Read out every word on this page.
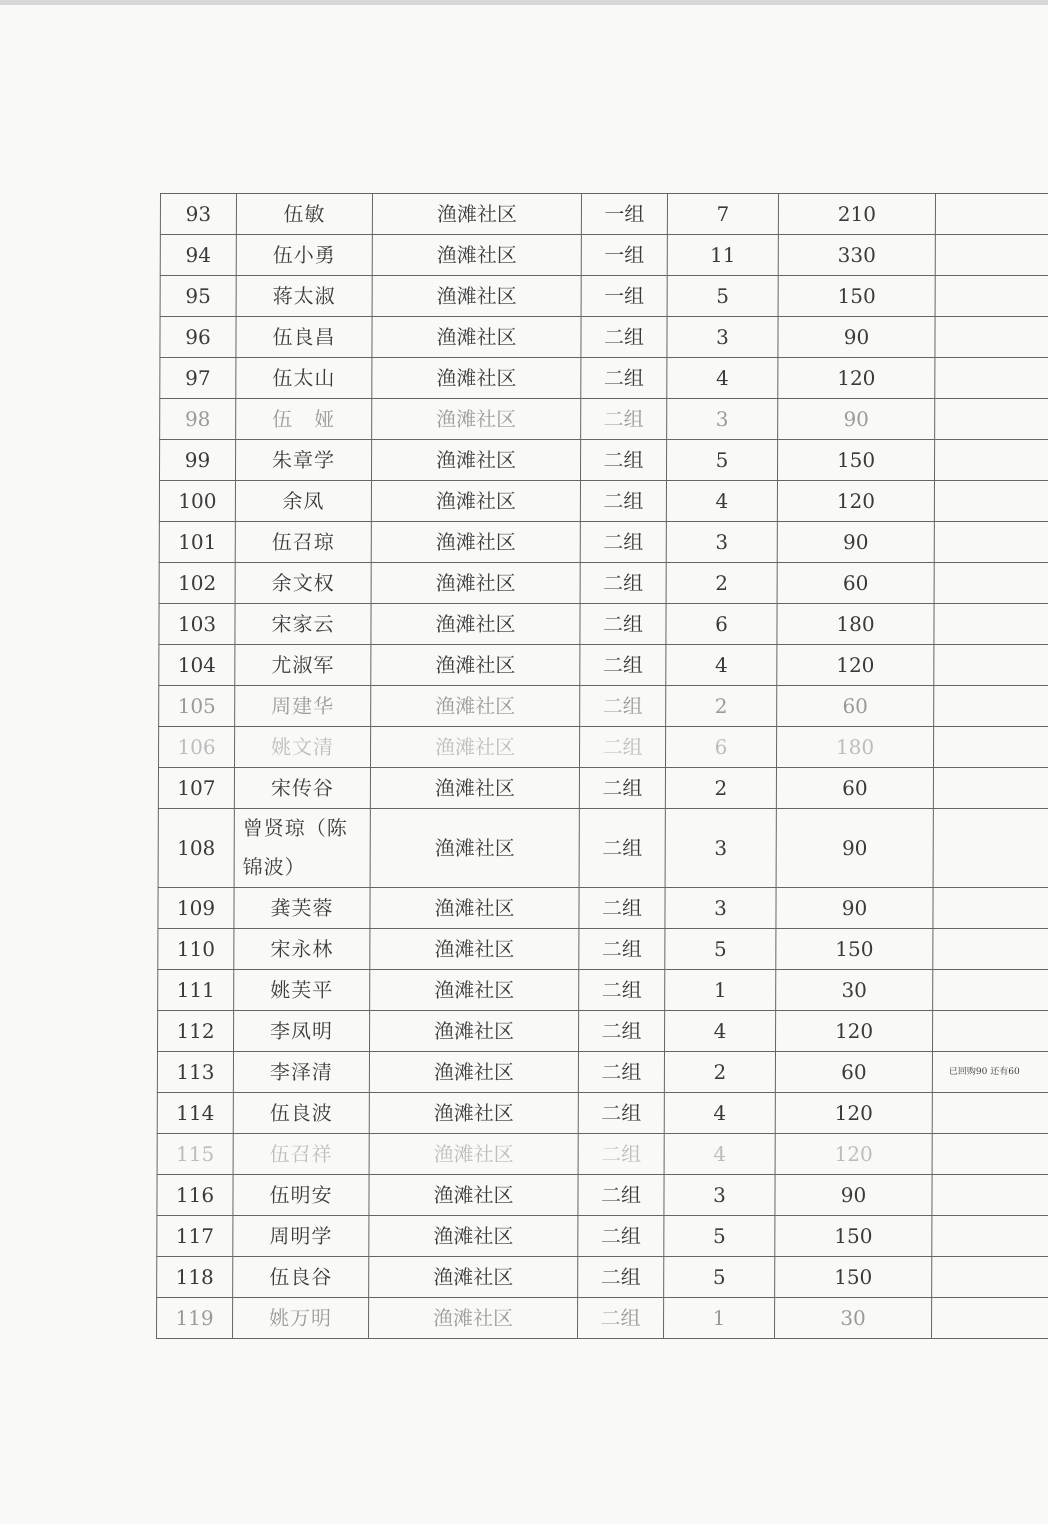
93	伍敏	渔滩社区	一组	7	210	
94	伍小勇	渔滩社区	一组	11	330	
95	蒋太淑	渔滩社区	一组	5	150	
96	伍良昌	渔滩社区	二组	3	90	
97	伍太山	渔滩社区	二组	4	120	
98	伍　娅	渔滩社区	二组	3	90	
99	朱章学	渔滩社区	二组	5	150	
100	余凤	渔滩社区	二组	4	120	
101	伍召琼	渔滩社区	二组	3	90	
102	余文权	渔滩社区	二组	2	60	
103	宋家云	渔滩社区	二组	6	180	
104	尤淑军	渔滩社区	二组	4	120	
105	周建华	渔滩社区	二组	2	60	
106	姚文清	渔滩社区	二组	6	180	
107	宋传谷	渔滩社区	二组	2	60	
108	曾贤琼（陈锦波）	渔滩社区	二组	3	90	
109	龚芙蓉	渔滩社区	二组	3	90	
110	宋永林	渔滩社区	二组	5	150	
111	姚芙平	渔滩社区	二组	1	30	
112	李凤明	渔滩社区	二组	4	120	
113	李泽清	渔滩社区	二组	2	60	已回购90 还有60
114	伍良波	渔滩社区	二组	4	120	
115	伍召祥	渔滩社区	二组	4	120	
116	伍明安	渔滩社区	二组	3	90	
117	周明学	渔滩社区	二组	5	150	
118	伍良谷	渔滩社区	二组	5	150	
119	姚万明	渔滩社区	二组	1	30	
